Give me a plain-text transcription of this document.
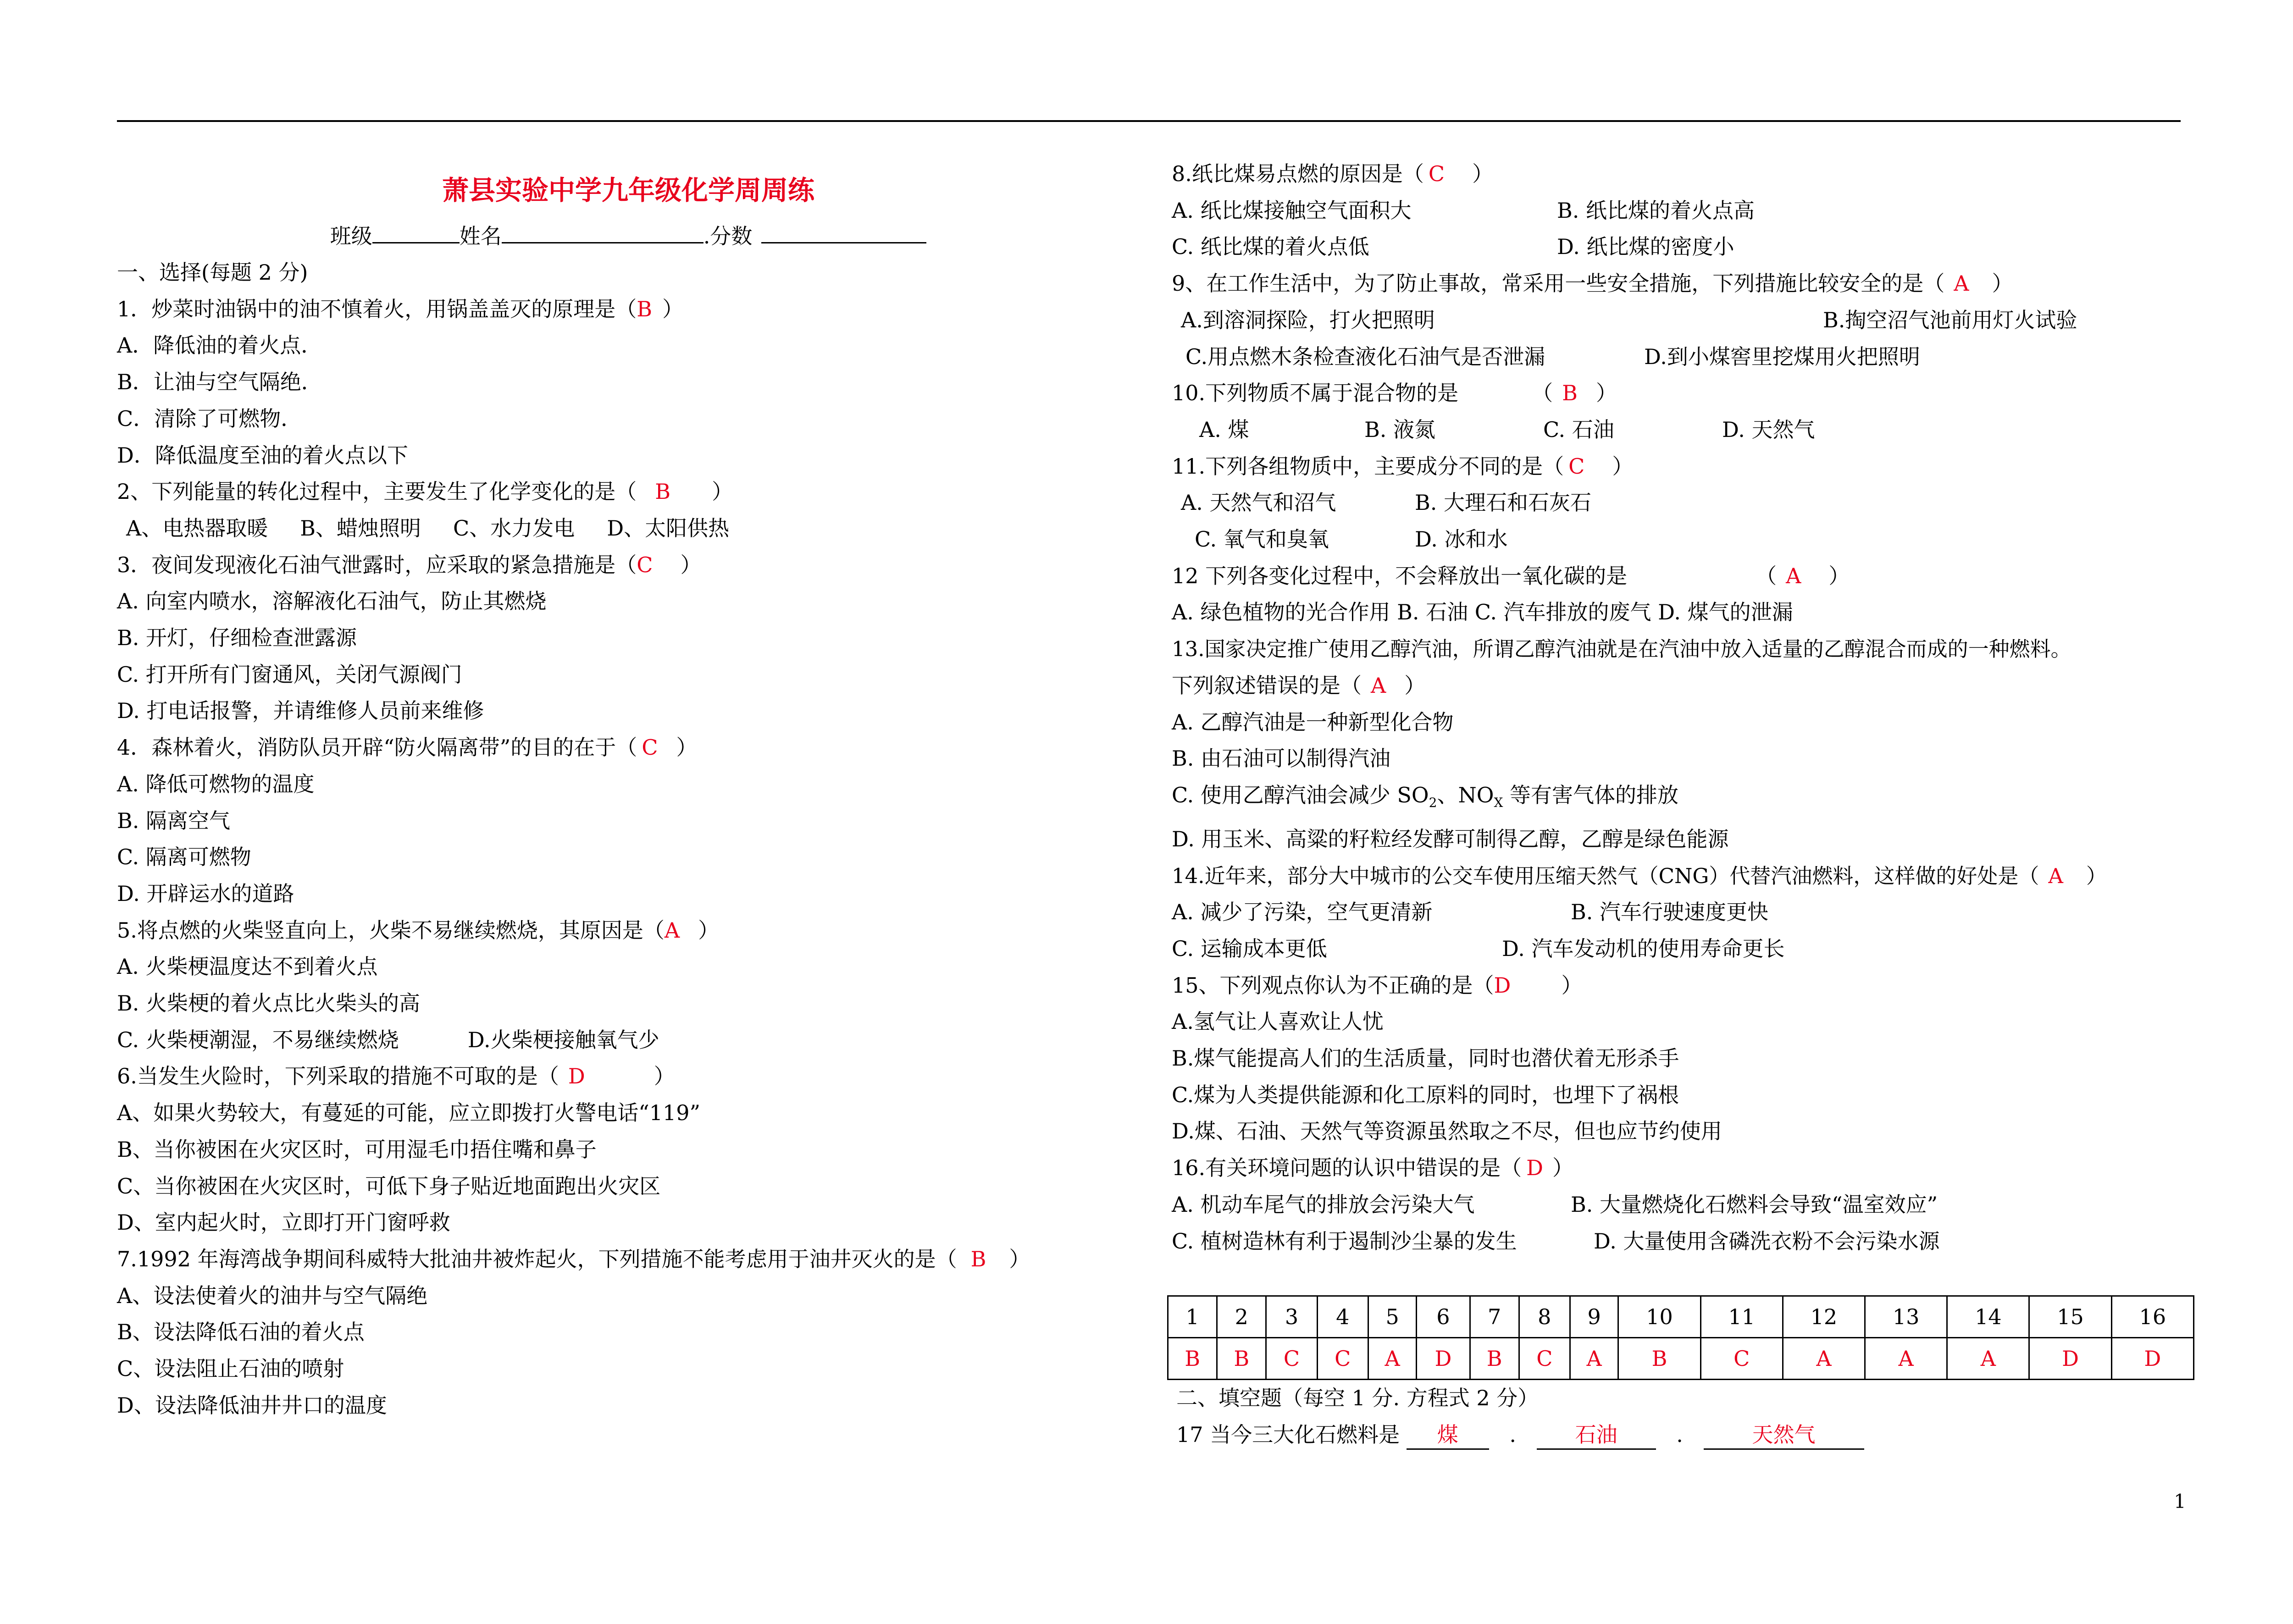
萧县实验中学九年级化学周周练
班级	姓名	.分数
一、选择(每题 2 分)
1．炒菜时油锅中的油不慎着火，用锅盖盖灭的原理是（B ）
A．降低油的着火点．
B．让油与空气隔绝．
C．清除了可燃物．
D．降低温度至油的着火点以下
2、下列能量的转化过程中，主要发生了化学变化的是（ B ）
A、电热器取暖 B、蜡烛照明 C、水力发电 D、太阳供热
3．夜间发现液化石油气泄露时，应采取的紧急措施是（C ）
A. 向室内喷水，溶解液化石油气，防止其燃烧
B. 开灯，仔细检查泄露源
C. 打开所有门窗通风，关闭气源阀门
D. 打电话报警，并请维修人员前来维修
4．森林着火，消防队员开辟“防火隔离带”的目的在于（ C ）
A. 降低可燃物的温度
B. 隔离空气
C. 隔离可燃物
D. 开辟运水的道路
5.将点燃的火柴竖直向上，火柴不易继续燃烧，其原因是（A ）
A. 火柴梗温度达不到着火点
B. 火柴梗的着火点比火柴头的高
C. 火柴梗潮湿，不易继续燃烧	D.火柴梗接触氧气少
6.当发生火险时，下列采取的措施不可取的是（ D	）
A、如果火势较大，有蔓延的可能，应立即拨打火警电话“119”
B、当你被困在火灾区时，可用湿毛巾捂住嘴和鼻子
C、当你被困在火灾区时，可低下身子贴近地面跑出火灾区
D、室内起火时，立即打开门窗呼救
7.1992 年海湾战争期间科威特大批油井被炸起火，下列措施不能考虑用于油井灭火的是（ B ）
A、设法使着火的油井与空气隔绝
B、设法降低石油的着火点
C、设法阻止石油的喷射
D、设法降低油井井口的温度
8.纸比煤易点燃的原因是（ C ）
A. 纸比煤接触空气面积大	B. 纸比煤的着火点高
C. 纸比煤的着火点低	D. 纸比煤的密度小
9、在工作生活中，为了防止事故，常采用一些安全措施，下列措施比较安全的是（ A ）
A.到溶洞探险，打火把照明	B.掏空沼气池前用灯火试验
C.用点燃木条检查液化石油气是否泄漏	D.到小煤窖里挖煤用火把照明
10.下列物质不属于混合物的是	（ B ）
A. 煤	B. 液氮	C. 石油	D. 天然气
11.下列各组物质中，主要成分不同的是（ C ）
A. 天然气和沼气	B. 大理石和石灰石
C. 氧气和臭氧	D. 冰和水
12 下列各变化过程中，不会释放出一氧化碳的是	（ A ）
A. 绿色植物的光合作用 B. 石油 C. 汽车排放的废气 D. 煤气的泄漏
13.国家决定推广使用乙醇汽油，所谓乙醇汽油就是在汽油中放入适量的乙醇混合而成的一种燃料。
下列叙述错误的是（ A ）
A. 乙醇汽油是一种新型化合物
B. 由石油可以制得汽油
C. 使用乙醇汽油会减少 $SO_2$、$NO_X$ 等有害气体的排放
D. 用玉米、高粱的籽粒经发酵可制得乙醇，乙醇是绿色能源
14.近年来，部分大中城市的公交车使用压缩天然气（CNG）代替汽油燃料，这样做的好处是（ A ）
A. 减少了污染，空气更清新	B. 汽车行驶速度更快
C. 运输成本更低	D. 汽车发动机的使用寿命更长
15、下列观点你认为不正确的是（D ）
A.氢气让人喜欢让人忧
B.煤气能提高人们的生活质量，同时也潜伏着无形杀手
C.煤为人类提供能源和化工原料的同时，也埋下了祸根
D.煤、石油、天然气等资源虽然取之不尽，但也应节约使用
16.有关环境问题的认识中错误的是（ D ）
A. 机动车尾气的排放会污染大气	B. 大量燃烧化石燃料会导致“温室效应”
C. 植树造林有利于遏制沙尘暴的发生	D. 大量使用含磷洗衣粉不会污染水源
1	2	3	4	5	6	7	8	9	10	11	12	13	14	15	16
B	B	C	C	A	D	B	C	A	B	C	A	A	A	D	D
二、填空题（每空 1 分. 方程式 2 分）
17 当今三大化石燃料是 煤 .	石油	.	天然气
1
